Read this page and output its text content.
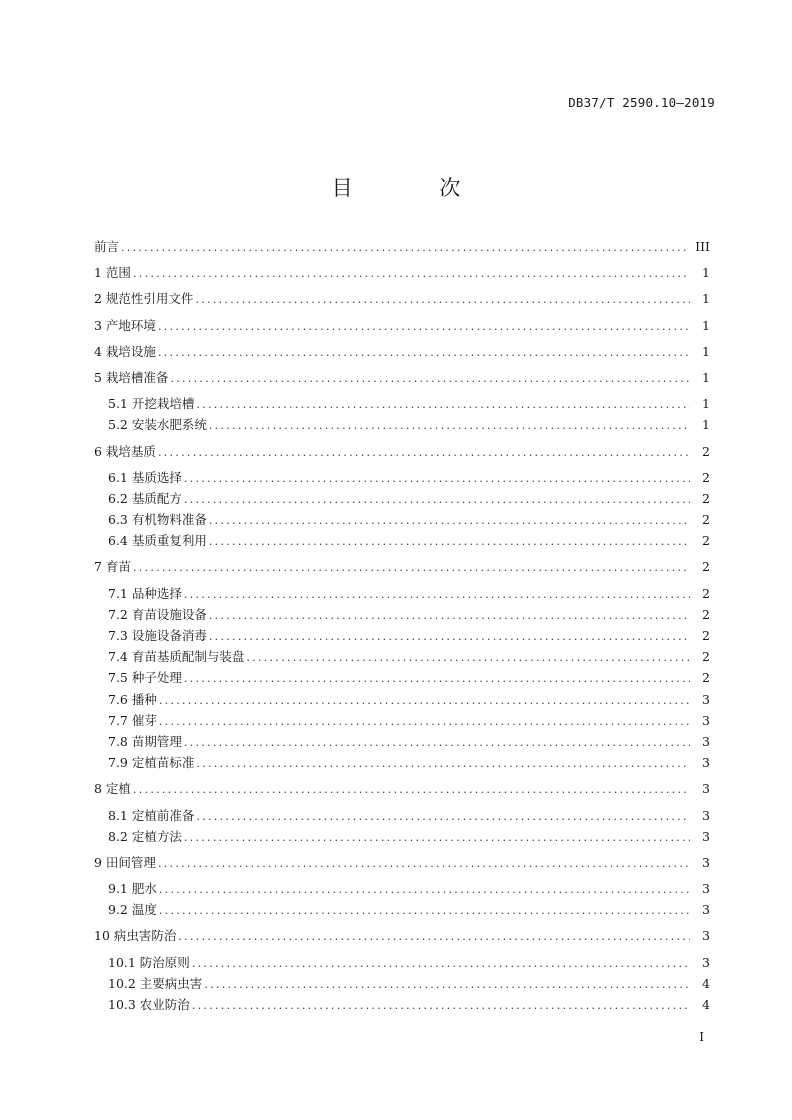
DB37/T 2590.10—2019
目 次
前言 . . .	III
1 范围 . . .	1
2 规范性引用文件 . . .	1
3 产地环境 . . .	1
4 栽培设施 . . .	1
5 栽培槽准备 . . .	1
5.1 开挖栽培槽 . . .	1
5.2 安装水肥系统 . . .	1
6 栽培基质 . . .	2
6.1 基质选择 . . .	2
6.2 基质配方 . . .	2
6.3 有机物料准备 . . .	2
6.4 基质重复利用 . . .	2
7 育苗 . . .	2
7.1 品种选择 . . .	2
7.2 育苗设施设备 . . .	2
7.3 设施设备消毒 . . .	2
7.4 育苗基质配制与装盘 . . .	2
7.5 种子处理 . . .	2
7.6 播种 . . .	3
7.7 催芽 . . .	3
7.8 苗期管理 . . .	3
7.9 定植苗标准 . . .	3
8 定植 . . .	3
8.1 定植前准备 . . .	3
8.2 定植方法 . . .	3
9 田间管理 . . .	3
9.1 肥水 . . .	3
9.2 温度 . . .	3
10 病虫害防治 . . .	3
10.1 防治原则 . . .	3
10.2 主要病虫害 . . .	4
10.3 农业防治 . . .	4
I
